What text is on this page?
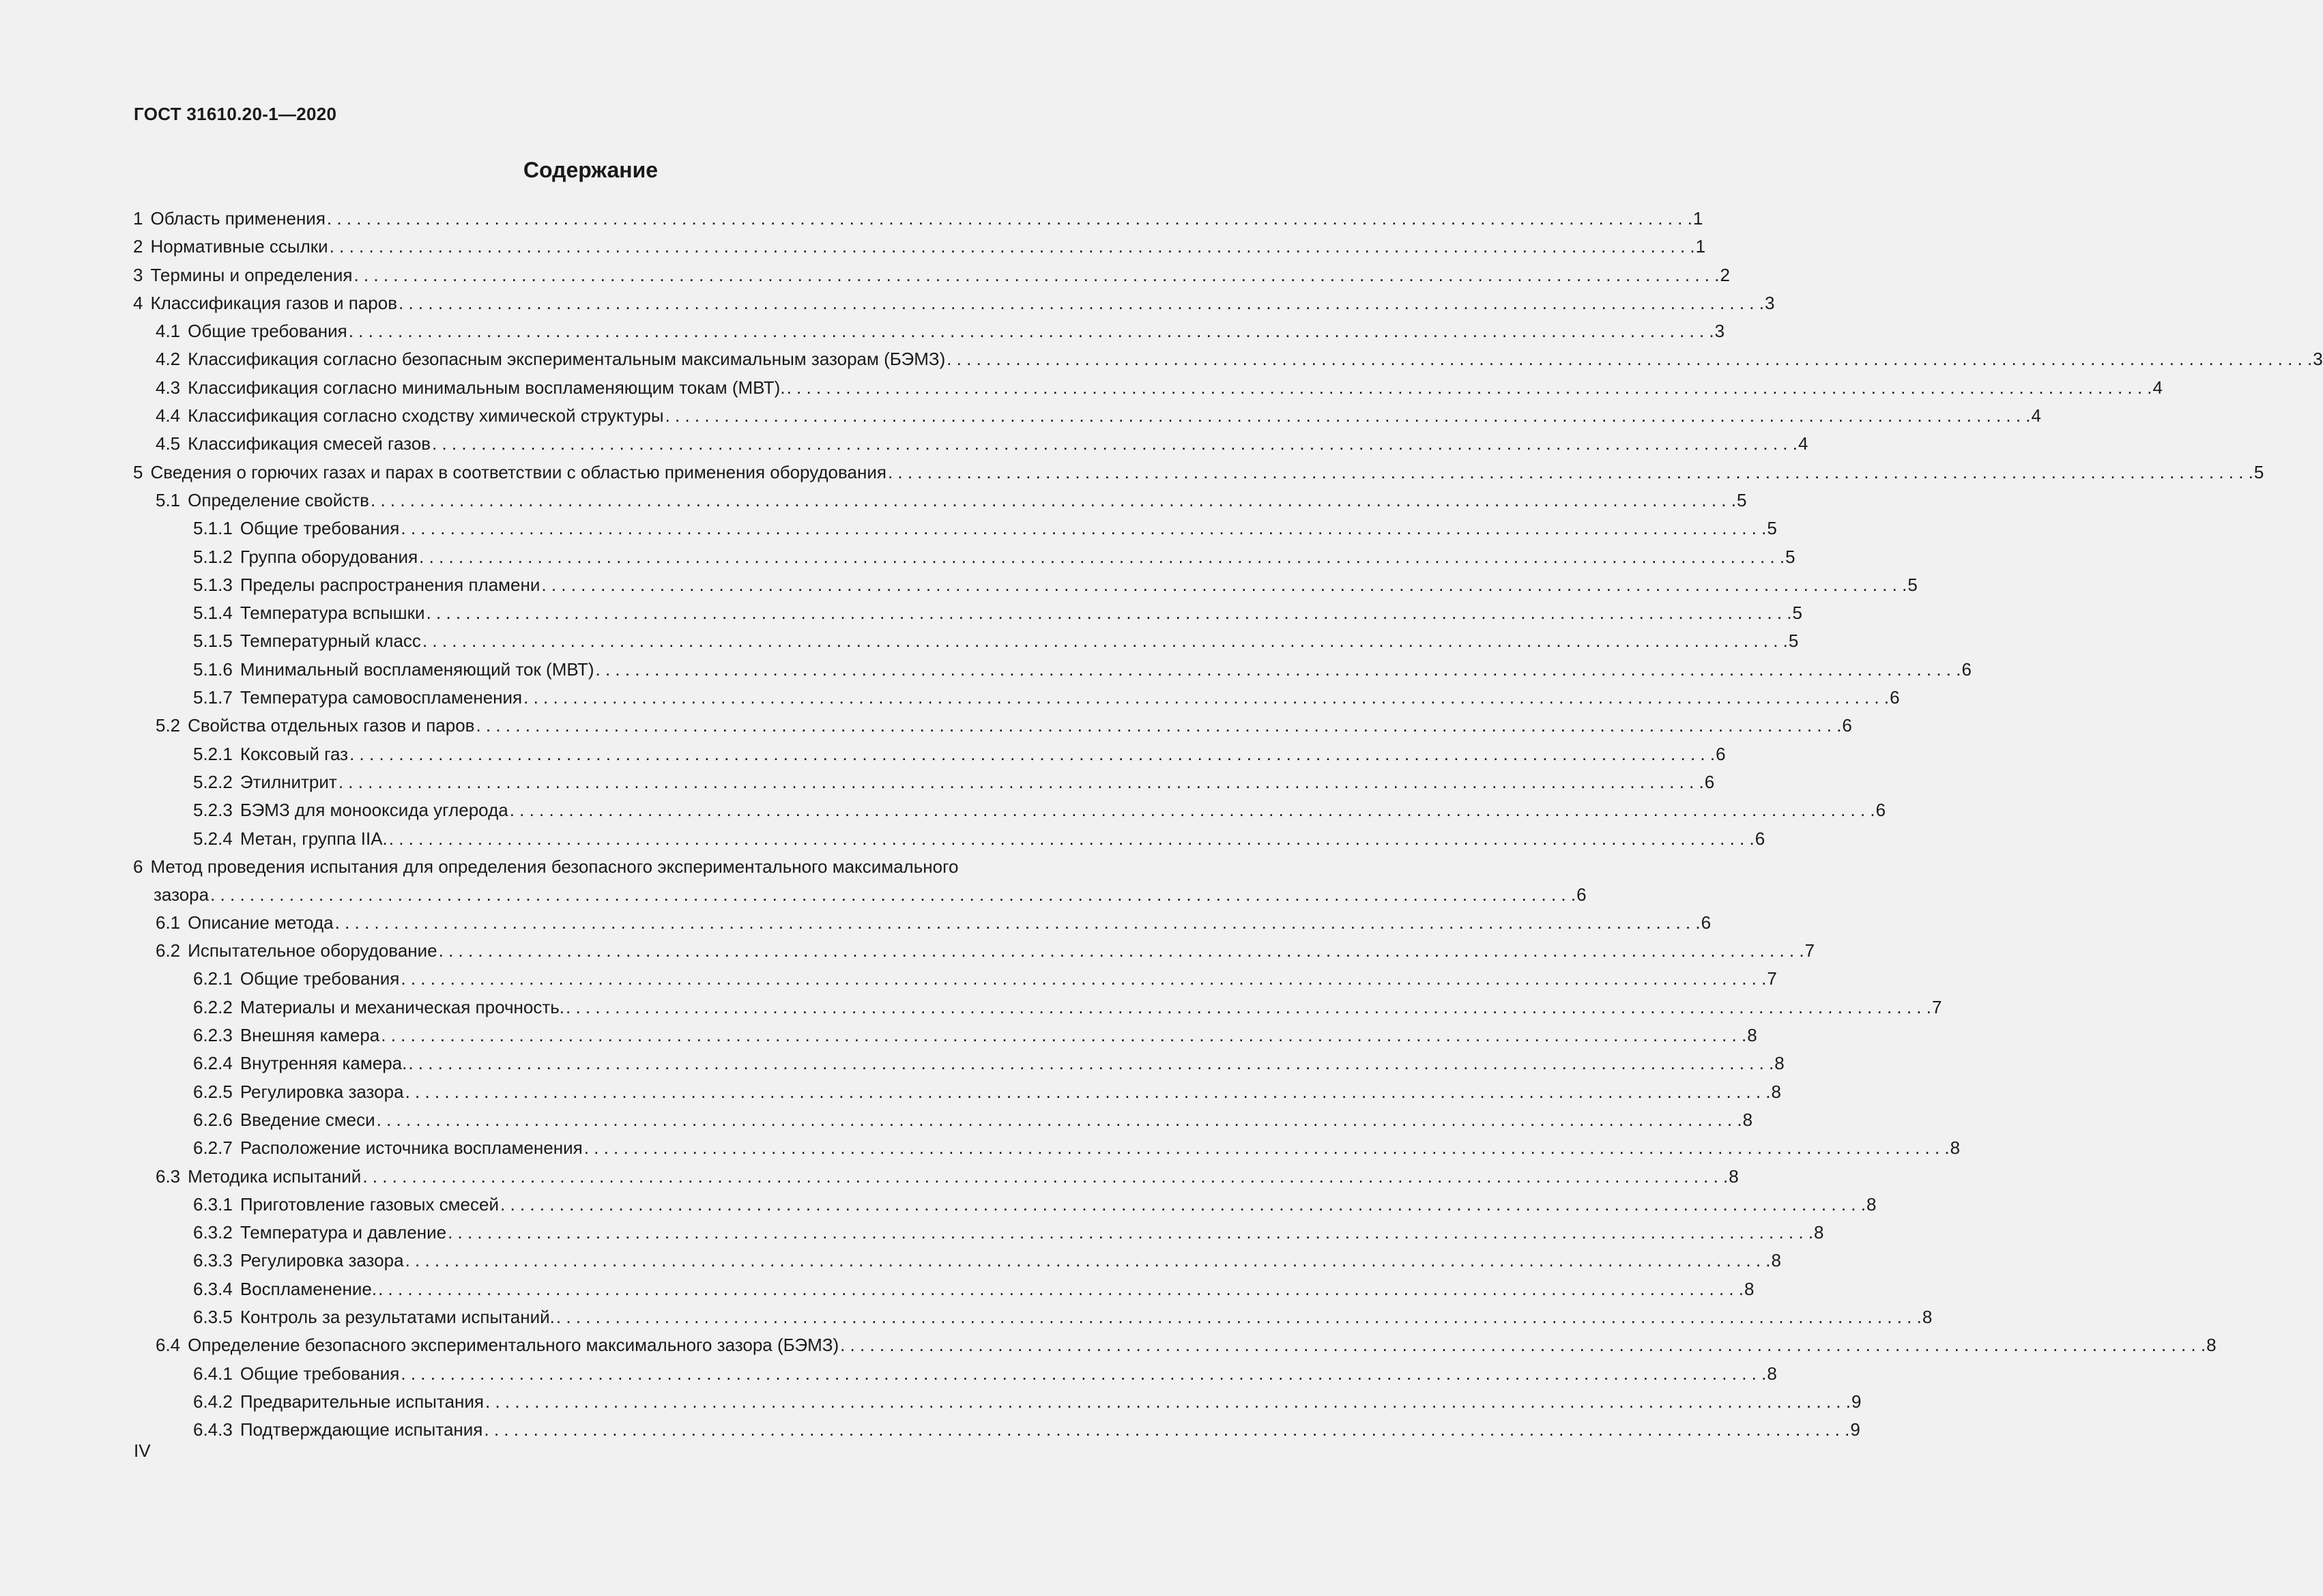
ГОСТ 31610.20-1—2020
Содержание
1 Область применения . . .	1
2 Нормативные ссылки . . .	1
3 Термины и определения . . .	2
4 Классификация газов и паров . . .	3
4.1 Общие требования . . .	3
4.2 Классификация согласно безопасным экспериментальным максимальным зазорам (БЭМЗ) . . .	3
4.3 Классификация согласно минимальным воспламеняющим токам (МВТ). . . .	4
4.4 Классификация согласно сходству химической структуры . . .	4
4.5 Классификация смесей газов . . .	4
5 Сведения о горючих газах и парах в соответствии с областью применения оборудования . . .	5
5.1 Определение свойств . . .	5
5.1.1 Общие требования . . .	5
5.1.2 Группа оборудования . . .	5
5.1.3 Пределы распространения пламени . . .	5
5.1.4 Температура вспышки . . .	5
5.1.5 Температурный класс . . .	5
5.1.6 Минимальный воспламеняющий ток (МВТ) . . .	6
5.1.7 Температура самовоспламенения . . .	6
5.2 Свойства отдельных газов и паров . . .	6
5.2.1 Коксовый газ . . .	6
5.2.2 Этилнитрит . . .	6
5.2.3 БЭМЗ для монооксида углерода . . .	6
5.2.4 Метан, группа IIA. . . .	6
6 Метод проведения испытания для определения безопасного экспериментального максимального
зазора . . .	6
6.1 Описание метода . . .	6
6.2 Испытательное оборудование . . .	7
6.2.1 Общие требования . . .	7
6.2.2 Материалы и механическая прочность. . . .	7
6.2.3 Внешняя камера . . .	8
6.2.4 Внутренняя камера. . . .	8
6.2.5 Регулировка зазора . . .	8
6.2.6 Введение смеси . . .	8
6.2.7 Расположение источника воспламенения . . .	8
6.3 Методика испытаний . . .	8
6.3.1 Приготовление газовых смесей . . .	8
6.3.2 Температура и давление . . .	8
6.3.3 Регулировка зазора . . .	8
6.3.4 Воспламенение. . . .	8
6.3.5 Контроль за результатами испытаний. . . .	8
6.4 Определение безопасного экспериментального максимального зазора (БЭМЗ) . . .	8
6.4.1 Общие требования . . .	8
6.4.2 Предварительные испытания . . .	9
6.4.3 Подтверждающие испытания . . .	9
IV
